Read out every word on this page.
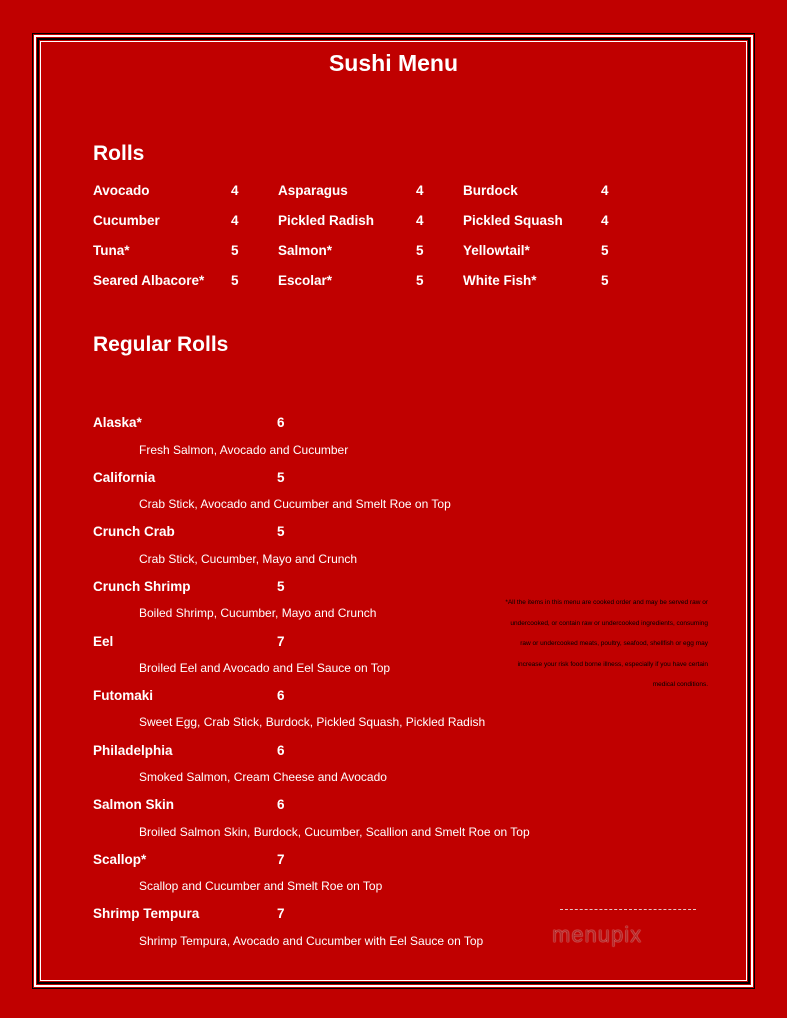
Sushi Menu
Rolls
Avocado	4	Asparagus	4	Burdock	4
Cucumber	4	Pickled Radish	4	Pickled Squash	4
Tuna*	5	Salmon*	5	Yellowtail*	5
Seared Albacore* 5	Escolar*	5	White Fish*	5
Regular Rolls
Alaska*	6
Fresh Salmon, Avocado and Cucumber
California	5
Crab Stick, Avocado and Cucumber and Smelt Roe on Top
Crunch Crab	5
Crab Stick, Cucumber, Mayo and Crunch
Crunch Shrimp	5
Boiled Shrimp, Cucumber, Mayo and Crunch
Eel	7
Broiled Eel and Avocado and Eel Sauce on Top
Futomaki	6
Sweet Egg, Crab Stick, Burdock, Pickled Squash, Pickled Radish
Philadelphia	6
Smoked Salmon, Cream Cheese and Avocado
Salmon Skin	6
Broiled Salmon Skin, Burdock, Cucumber, Scallion and Smelt Roe on Top
Scallop*	7
Scallop and Cucumber and Smelt Roe on Top
Shrimp Tempura	7
Shrimp Tempura, Avocado and Cucumber with Eel Sauce on Top
*All the items in this menu are cooked order and may be served raw or
undercooked, or contain raw or undercooked ingredients, consuming
raw or undercooked meats, poultry, seafood, shellfish or egg may
increase your risk food borne illness, especially if you have certain
medical conditions.
menupix
